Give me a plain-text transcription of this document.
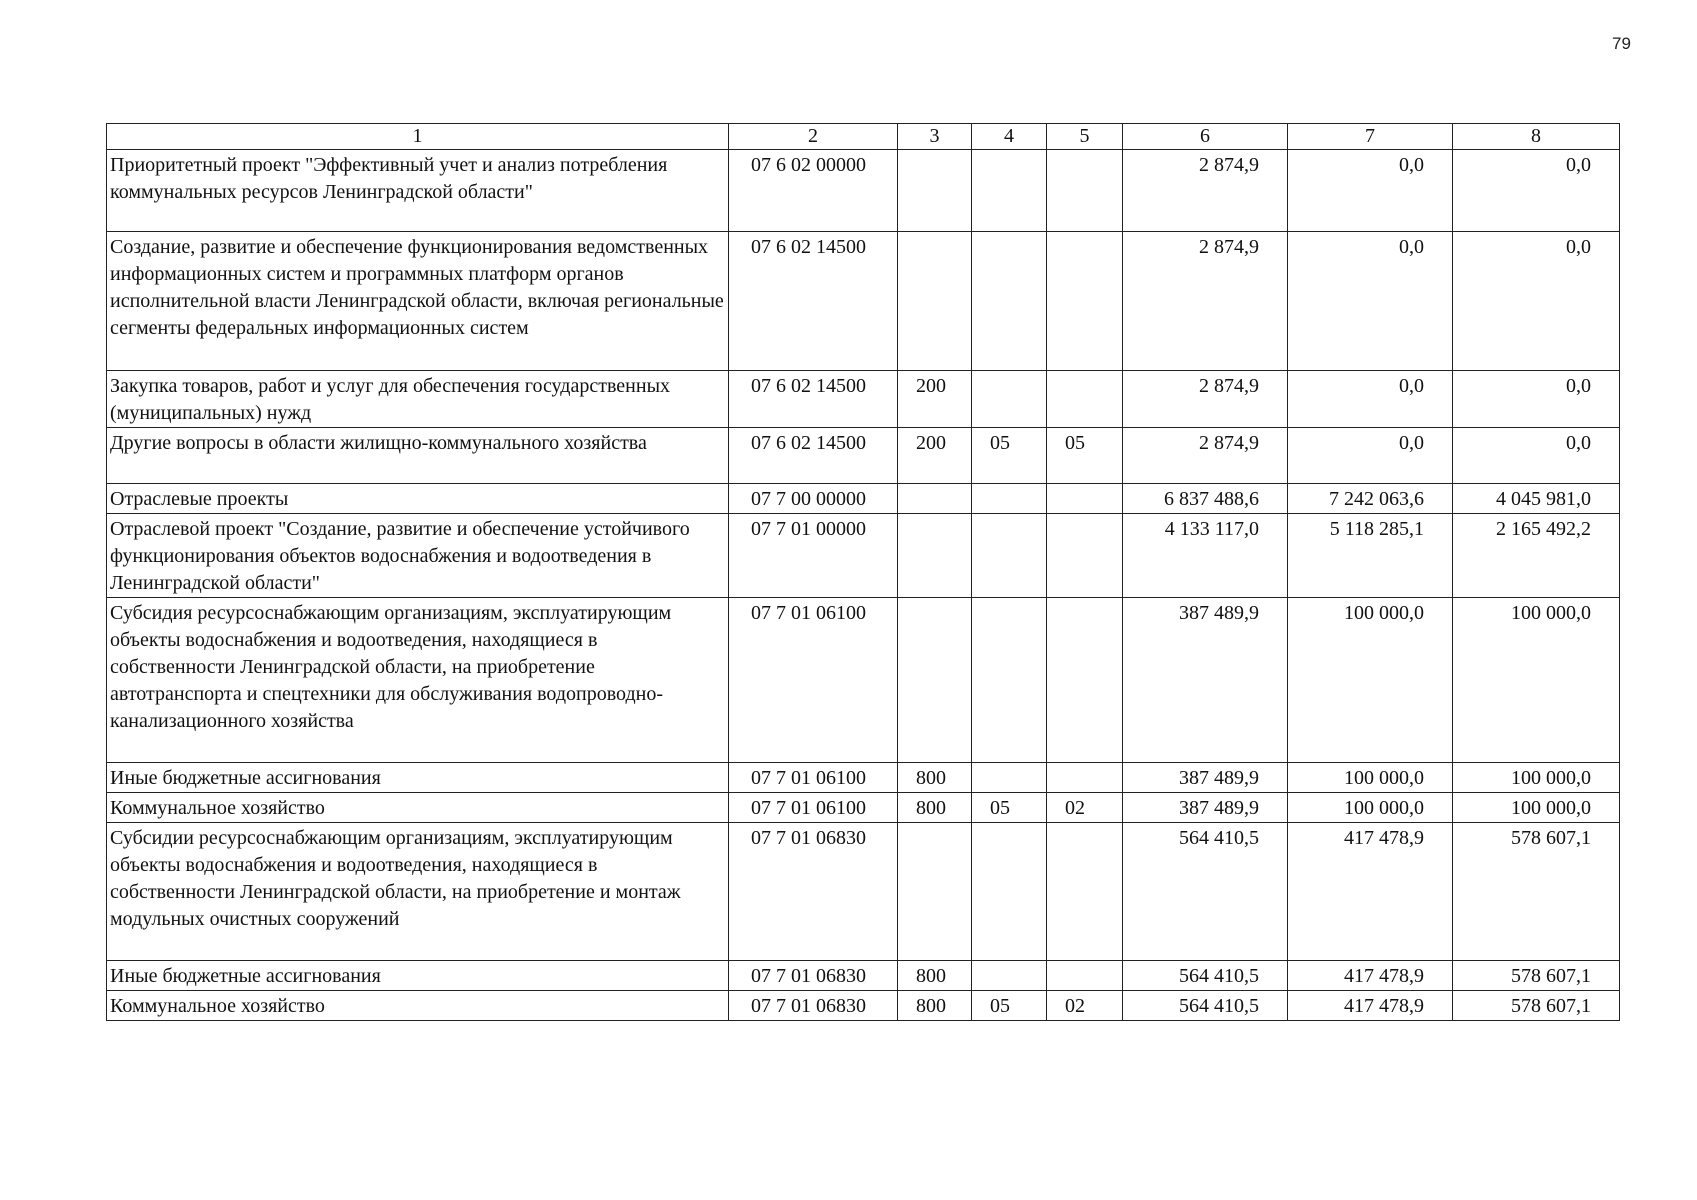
79
1	2	3	4	5	6	7	8
Приоритетный проект "Эффективный учет и анализ потребления коммунальных ресурсов Ленинградской области"	07 6 02 00000				2 874,9	0,0	0,0
Создание, развитие и обеспечение функционирования ведомственных информационных систем и программных платформ органов исполнительной власти Ленинградской области, включая региональные сегменты федеральных информационных систем	07 6 02 14500				2 874,9	0,0	0,0
Закупка товаров, работ и услуг для обеспечения государственных (муниципальных) нужд	07 6 02 14500	200			2 874,9	0,0	0,0
Другие вопросы в области жилищно-коммунального хозяйства	07 6 02 14500	200	05	05	2 874,9	0,0	0,0
Отраслевые проекты	07 7 00 00000				6 837 488,6	7 242 063,6	4 045 981,0
Отраслевой проект "Создание, развитие и обеспечение устойчивого функционирования объектов водоснабжения и водоотведения в Ленинградской области"	07 7 01 00000				4 133 117,0	5 118 285,1	2 165 492,2
Субсидия ресурсоснабжающим организациям, эксплуатирующим объекты водоснабжения и водоотведения, находящиеся в собственности Ленинградской области, на приобретение автотранспорта и спецтехники для обслуживания водопроводно-канализационного хозяйства	07 7 01 06100				387 489,9	100 000,0	100 000,0
Иные бюджетные ассигнования	07 7 01 06100	800			387 489,9	100 000,0	100 000,0
Коммунальное хозяйство	07 7 01 06100	800	05	02	387 489,9	100 000,0	100 000,0
Субсидии ресурсоснабжающим организациям, эксплуатирующим объекты водоснабжения и водоотведения, находящиеся в собственности Ленинградской области, на приобретение и монтаж модульных очистных сооружений	07 7 01 06830				564 410,5	417 478,9	578 607,1
Иные бюджетные ассигнования	07 7 01 06830	800			564 410,5	417 478,9	578 607,1
Коммунальное хозяйство	07 7 01 06830	800	05	02	564 410,5	417 478,9	578 607,1
